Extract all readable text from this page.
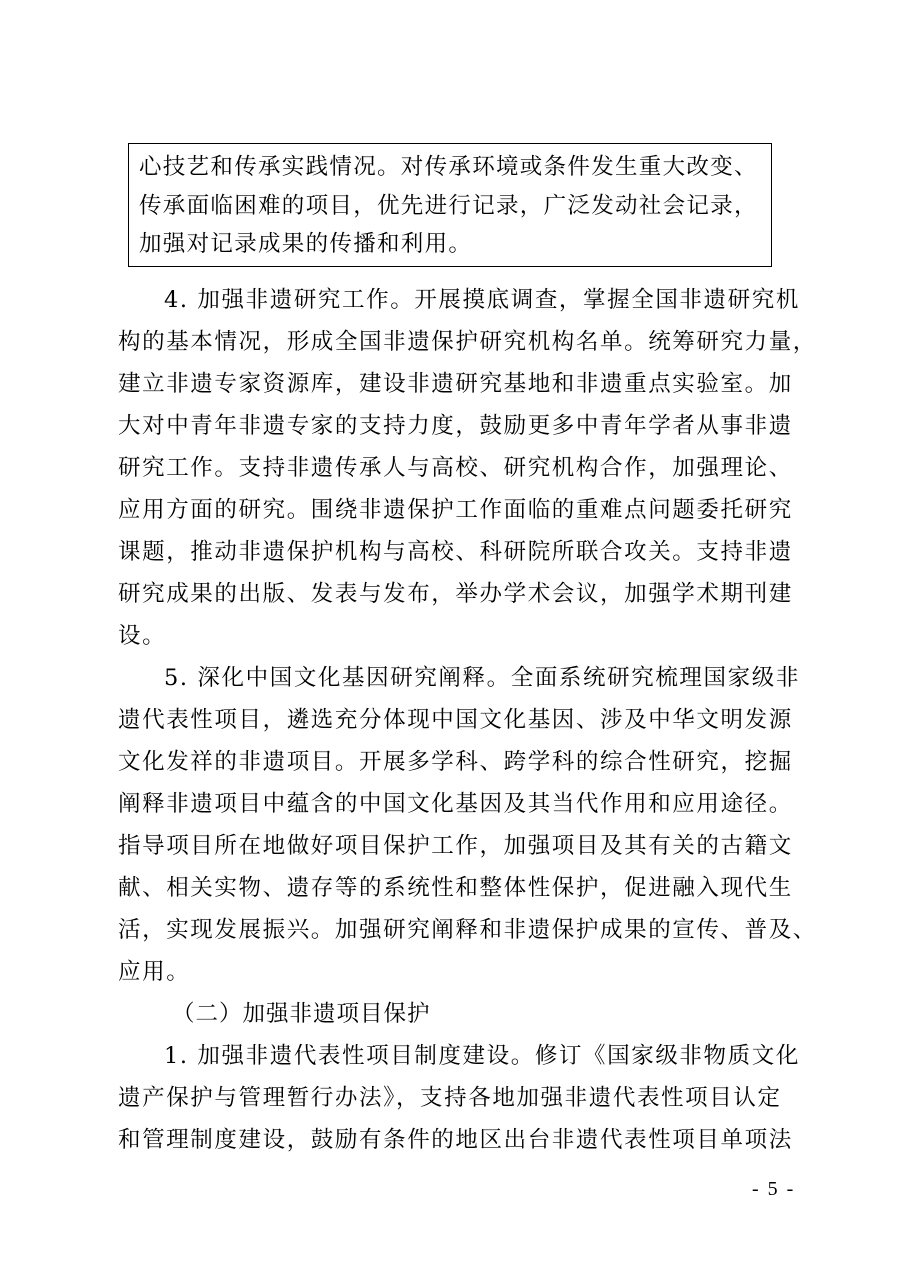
心技艺和传承实践情况。对传承环境或条件发生重大改变、
传承面临困难的项目，优先进行记录，广泛发动社会记录，
加强对记录成果的传播和利用。
4. 加强非遗研究工作。开展摸底调查，掌握全国非遗研究机
构的基本情况，形成全国非遗保护研究机构名单。统筹研究力量，
建立非遗专家资源库，建设非遗研究基地和非遗重点实验室。加
大对中青年非遗专家的支持力度，鼓励更多中青年学者从事非遗
研究工作。支持非遗传承人与高校、研究机构合作，加强理论、
应用方面的研究。围绕非遗保护工作面临的重难点问题委托研究
课题，推动非遗保护机构与高校、科研院所联合攻关。支持非遗
研究成果的出版、发表与发布，举办学术会议，加强学术期刊建
设。
5. 深化中国文化基因研究阐释。全面系统研究梳理国家级非
遗代表性项目，遴选充分体现中国文化基因、涉及中华文明发源
文化发祥的非遗项目。开展多学科、跨学科的综合性研究，挖掘
阐释非遗项目中蕴含的中国文化基因及其当代作用和应用途径。
指导项目所在地做好项目保护工作，加强项目及其有关的古籍文
献、相关实物、遗存等的系统性和整体性保护，促进融入现代生
活，实现发展振兴。加强研究阐释和非遗保护成果的宣传、普及、
应用。
（二）加强非遗项目保护
1. 加强非遗代表性项目制度建设。修订《国家级非物质文化
遗产保护与管理暂行办法》，支持各地加强非遗代表性项目认定
和管理制度建设，鼓励有条件的地区出台非遗代表性项目单项法
- 5 -
